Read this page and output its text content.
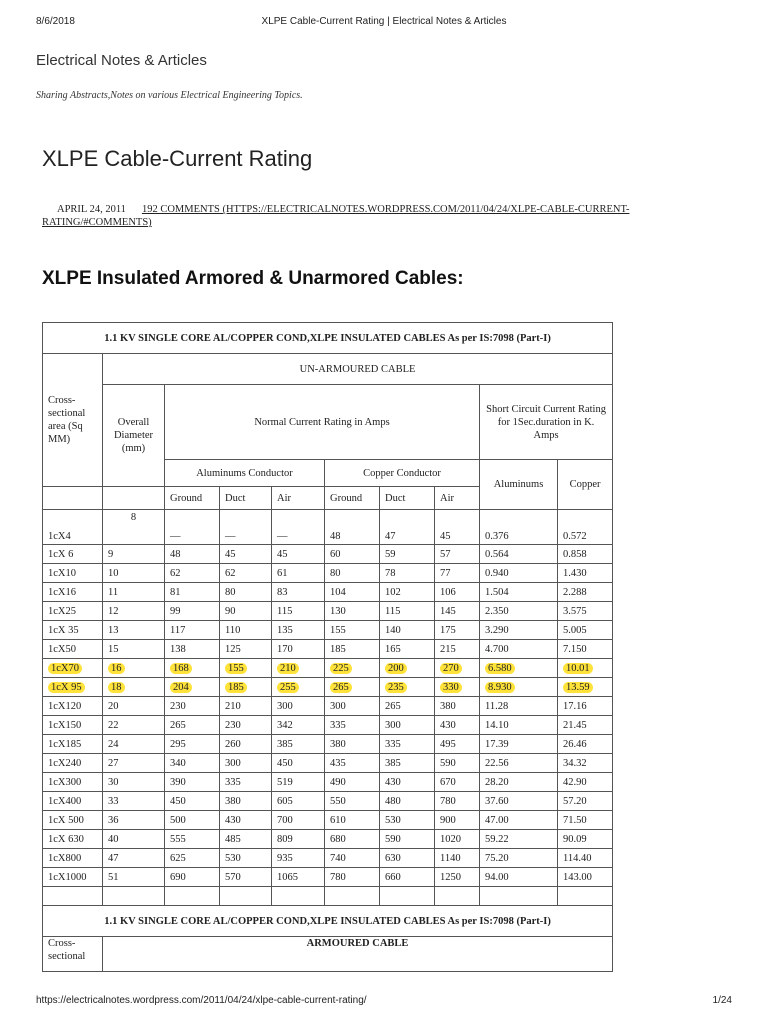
8/6/2018	XLPE Cable-Current Rating | Electrical Notes & Articles
Electrical Notes & Articles
Sharing Abstracts,Notes on various Electrical Engineering Topics.
XLPE Cable-Current Rating
APRIL 24, 2011 192 COMMENTS (HTTPS://ELECTRICALNOTES.WORDPRESS.COM/2011/04/24/XLPE-CABLE-CURRENT-RATING/#COMMENTS)
XLPE Insulated Armored & Unarmored Cables:
1.1 KV SINGLE CORE AL/COPPER COND,XLPE INSULATED CABLES As per IS:7098 (Part-I)									
Cross-sectional area (Sq MM)	UN-ARMOURED CABLE								
	Overall Diameter (mm)	Normal Current Rating in Amps						Short Circuit Current Rating for 1Sec.duration in K. Amps	
		Aluminums Conductor			Copper Conductor			Aluminums	Copper
		Ground	Duct	Air	Ground	Duct	Air		
1cX4	8	—	—	—	48	47	45	0.376	0.572
1cX 6	9	48	45	45	60	59	57	0.564	0.858
1cX10	10	62	62	61	80	78	77	0.940	1.430
1cX16	11	81	80	83	104	102	106	1.504	2.288
1cX25	12	99	90	115	130	115	145	2.350	3.575
1cX 35	13	117	110	135	155	140	175	3.290	5.005
1cX50	15	138	125	170	185	165	215	4.700	7.150
1cX70	16	168	155	210	225	200	270	6.580	10.01
1cX 95	18	204	185	255	265	235	330	8.930	13.59
1cX120	20	230	210	300	300	265	380	11.28	17.16
1cX150	22	265	230	342	335	300	430	14.10	21.45
1cX185	24	295	260	385	380	335	495	17.39	26.46
1cX240	27	340	300	450	435	385	590	22.56	34.32
1cX300	30	390	335	519	490	430	670	28.20	42.90
1cX400	33	450	380	605	550	480	780	37.60	57.20
1cX 500	36	500	430	700	610	530	900	47.00	71.50
1cX 630	40	555	485	809	680	590	1020	59.22	90.09
1cX800	47	625	530	935	740	630	1140	75.20	114.40
1cX1000	51	690	570	1065	780	660	1250	94.00	143.00

1.1 KV SINGLE CORE AL/COPPER COND,XLPE INSULATED CABLES As per IS:7098 (Part-I)									
Cross-sectional	ARMOURED CABLE								
https://electricalnotes.wordpress.com/2011/04/24/xlpe-cable-current-rating/	1/24
